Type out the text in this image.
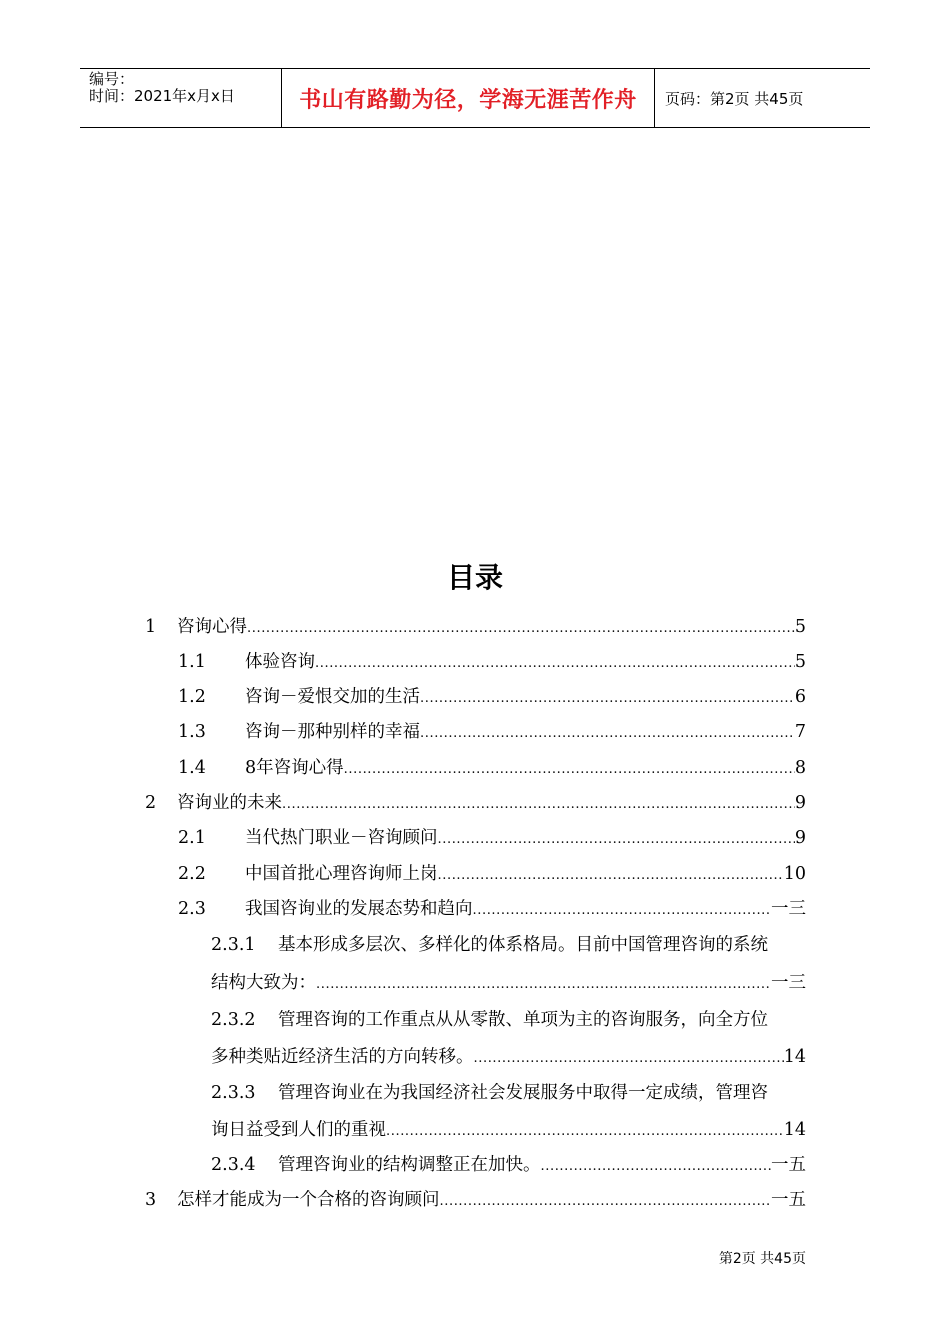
编号：
时间：2021年x月x日	书山有路勤为径，学海无涯苦作舟 页码：第2页 共45页
目录
1 咨询心得 .....	5
1.1 体验咨询 .....	5
1.2 咨询－爱恨交加的生活 .....	6
1.3 咨询－那种别样的幸福 .....	7
1.4 8年咨询心得 .....	8
2 咨询业的未来 .....	9
2.1 当代热门职业－咨询顾问 .....	9
2.2 中国首批心理咨询师上岗 .....	10
2.3 我国咨询业的发展态势和趋向 .....	一三
2.3.1 基本形成多层次、多样化的体系格局。目前中国管理咨询的系统
结构大致为： .....	一三
2.3.2 管理咨询的工作重点从从零散、单项为主的咨询服务，向全方位
多种类贴近经济生活的方向转移。 .....	14
2.3.3 管理咨询业在为我国经济社会发展服务中取得一定成绩，管理咨
询日益受到人们的重视 .....	14
2.3.4 管理咨询业的结构调整正在加快。 .....	一五
3 怎样才能成为一个合格的咨询顾问 .....	一五
第2页 共45页
